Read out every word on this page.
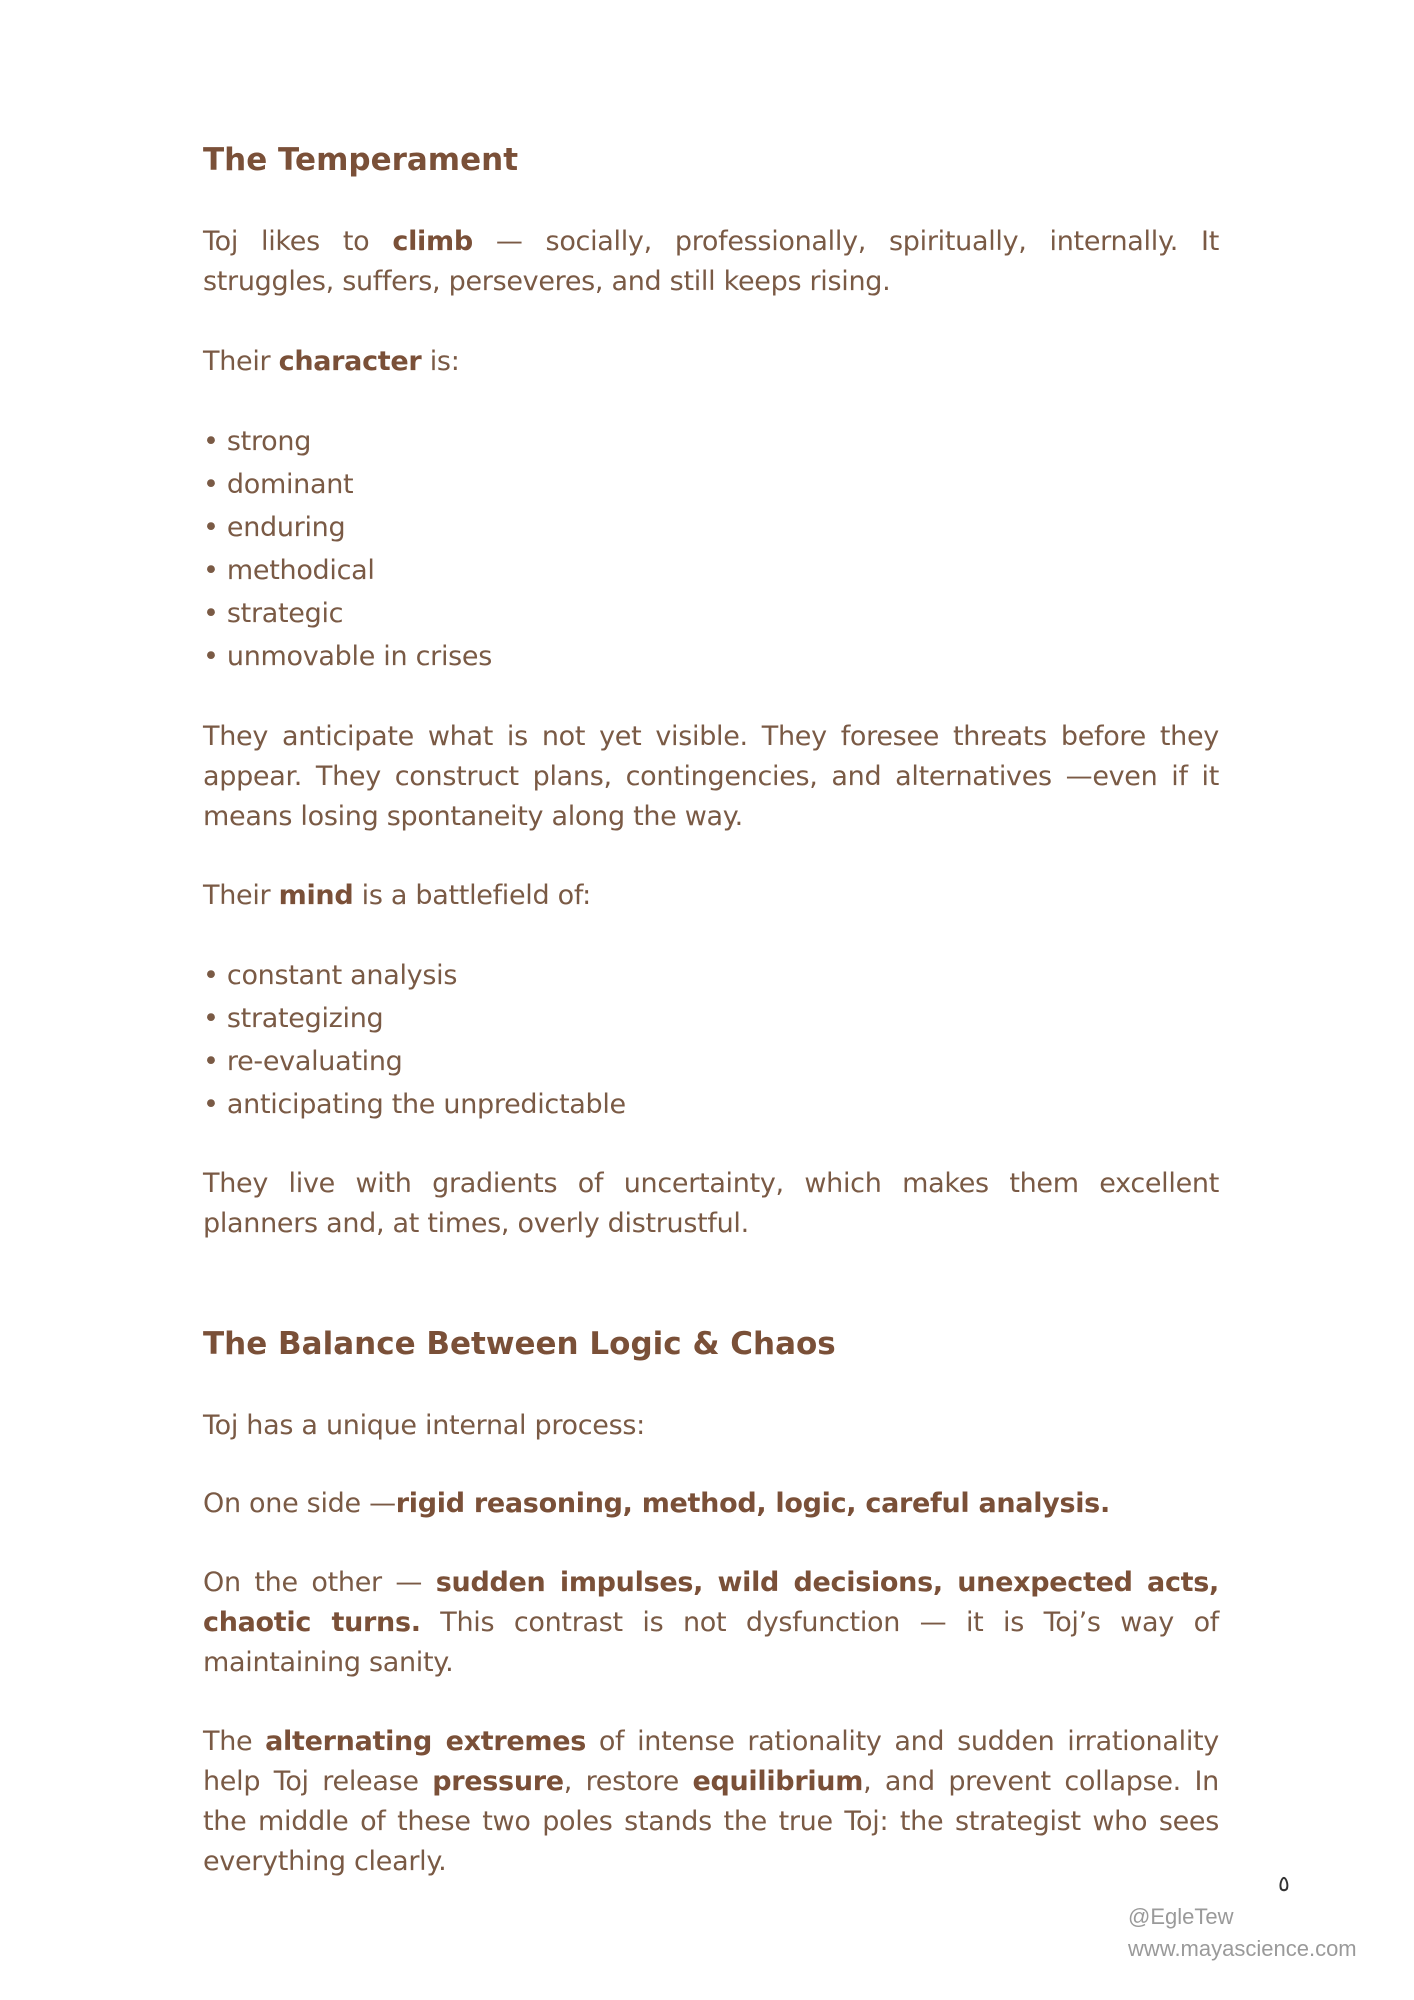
The Temperament

Toj likes to climb — socially, professionally, spiritually, internally. It struggles, suffers, perseveres, and still keeps rising.

Their character is:

• strong
• dominant
• enduring
• methodical
• strategic
• unmovable in crises

They anticipate what is not yet visible. They foresee threats before they appear. They construct plans, contingencies, and alternatives —even if it means losing spontaneity along the way.

Their mind is a battlefield of:

• constant analysis
• strategizing
• re-evaluating
• anticipating the unpredictable

They live with gradients of uncertainty, which makes them excellent planners and, at times, overly distrustful.

The Balance Between Logic & Chaos

Toj has a unique internal process:

On one side —rigid reasoning, method, logic, careful analysis.

On the other — sudden impulses, wild decisions, unexpected acts, chaotic turns. This contrast is not dysfunction — it is Toj’s way of maintaining sanity.

The alternating extremes of intense rationality and sudden irrationality help Toj release pressure, restore equilibrium, and prevent collapse. In the middle of these two poles stands the true Toj: the strategist who sees everything clearly.

٥
@EgleTew
www.mayascience.com
